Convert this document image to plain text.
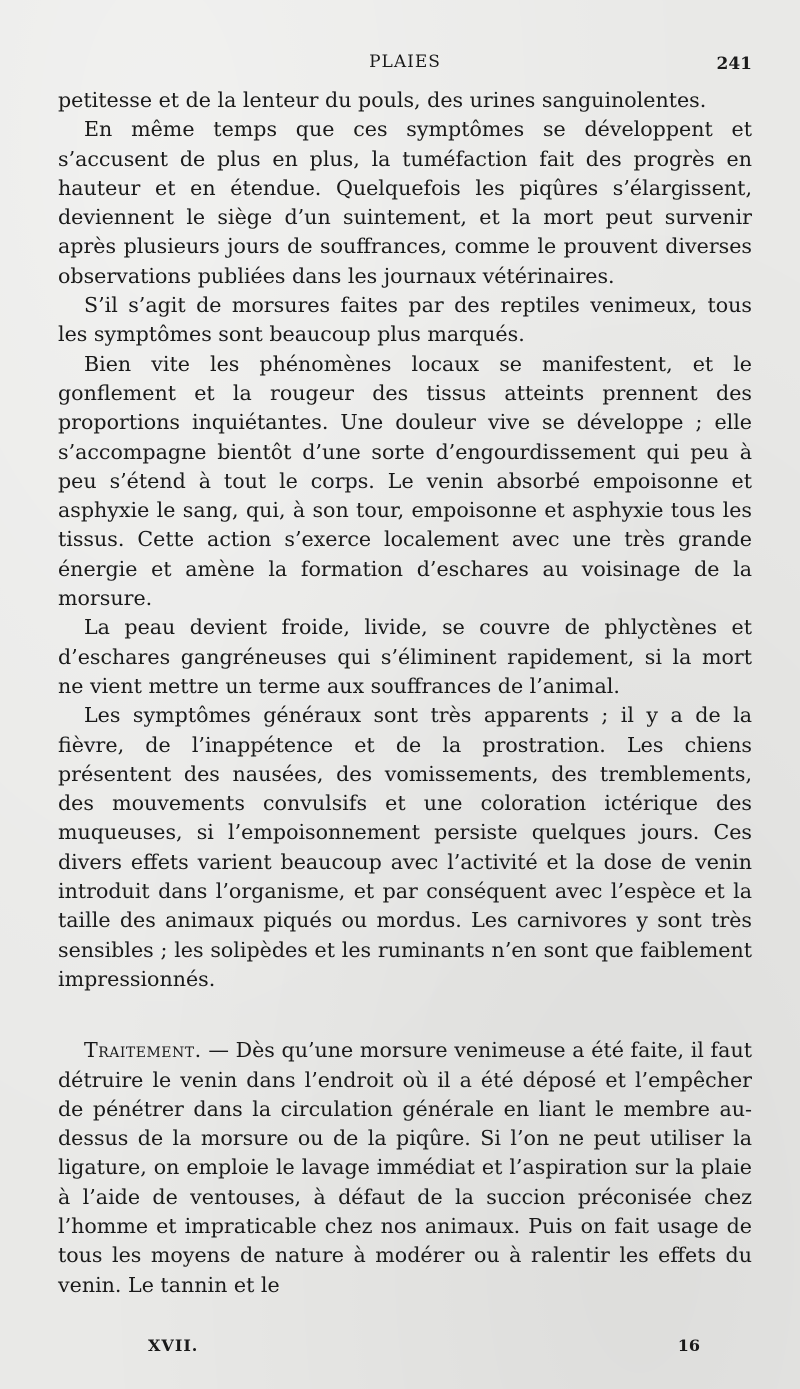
PLAIES	241

petitesse et de la lenteur du pouls, des urines sanguinolentes.

En même temps que ces symptômes se développent et s’accusent de plus en plus, la tuméfaction fait des progrès en hauteur et en étendue. Quelquefois les piqûres s’élargissent, deviennent le siège d’un suintement, et la mort peut survenir après plusieurs jours de souffrances, comme le prouvent diverses observations publiées dans les journaux vétérinaires.

S’il s’agit de morsures faites par des reptiles venimeux, tous les symptômes sont beaucoup plus marqués.

Bien vite les phénomènes locaux se manifestent, et le gonflement et la rougeur des tissus atteints prennent des proportions inquiétantes. Une douleur vive se développe ; elle s’accompagne bientôt d’une sorte d’engourdissement qui peu à peu s’étend à tout le corps. Le venin absorbé empoisonne et asphyxie le sang, qui, à son tour, empoisonne et asphyxie tous les tissus. Cette action s’exerce localement avec une très grande énergie et amène la formation d’eschares au voisinage de la morsure.

La peau devient froide, livide, se couvre de phlyctènes et d’eschares gangréneuses qui s’éliminent rapidement, si la mort ne vient mettre un terme aux souffrances de l’animal.

Les symptômes généraux sont très apparents ; il y a de la fièvre, de l’inappétence et de la prostration. Les chiens présentent des nausées, des vomissements, des tremblements, des mouvements convulsifs et une coloration ictérique des muqueuses, si l’empoisonnement persiste quelques jours. Ces divers effets varient beaucoup avec l’activité et la dose de venin introduit dans l’organisme, et par conséquent avec l’espèce et la taille des animaux piqués ou mordus. Les carnivores y sont très sensibles ; les solipèdes et les ruminants n’en sont que faiblement impressionnés.

Traitement. — Dès qu’une morsure venimeuse a été faite, il faut détruire le venin dans l’endroit où il a été déposé et l’empêcher de pénétrer dans la circulation générale en liant le membre au-dessus de la morsure ou de la piqûre. Si l’on ne peut utiliser la ligature, on emploie le lavage immédiat et l’aspiration sur la plaie à l’aide de ventouses, à défaut de la succion préconisée chez l’homme et impraticable chez nos animaux. Puis on fait usage de tous les moyens de nature à modérer ou à ralentir les effets du venin. Le tannin et le

XVII.	16
